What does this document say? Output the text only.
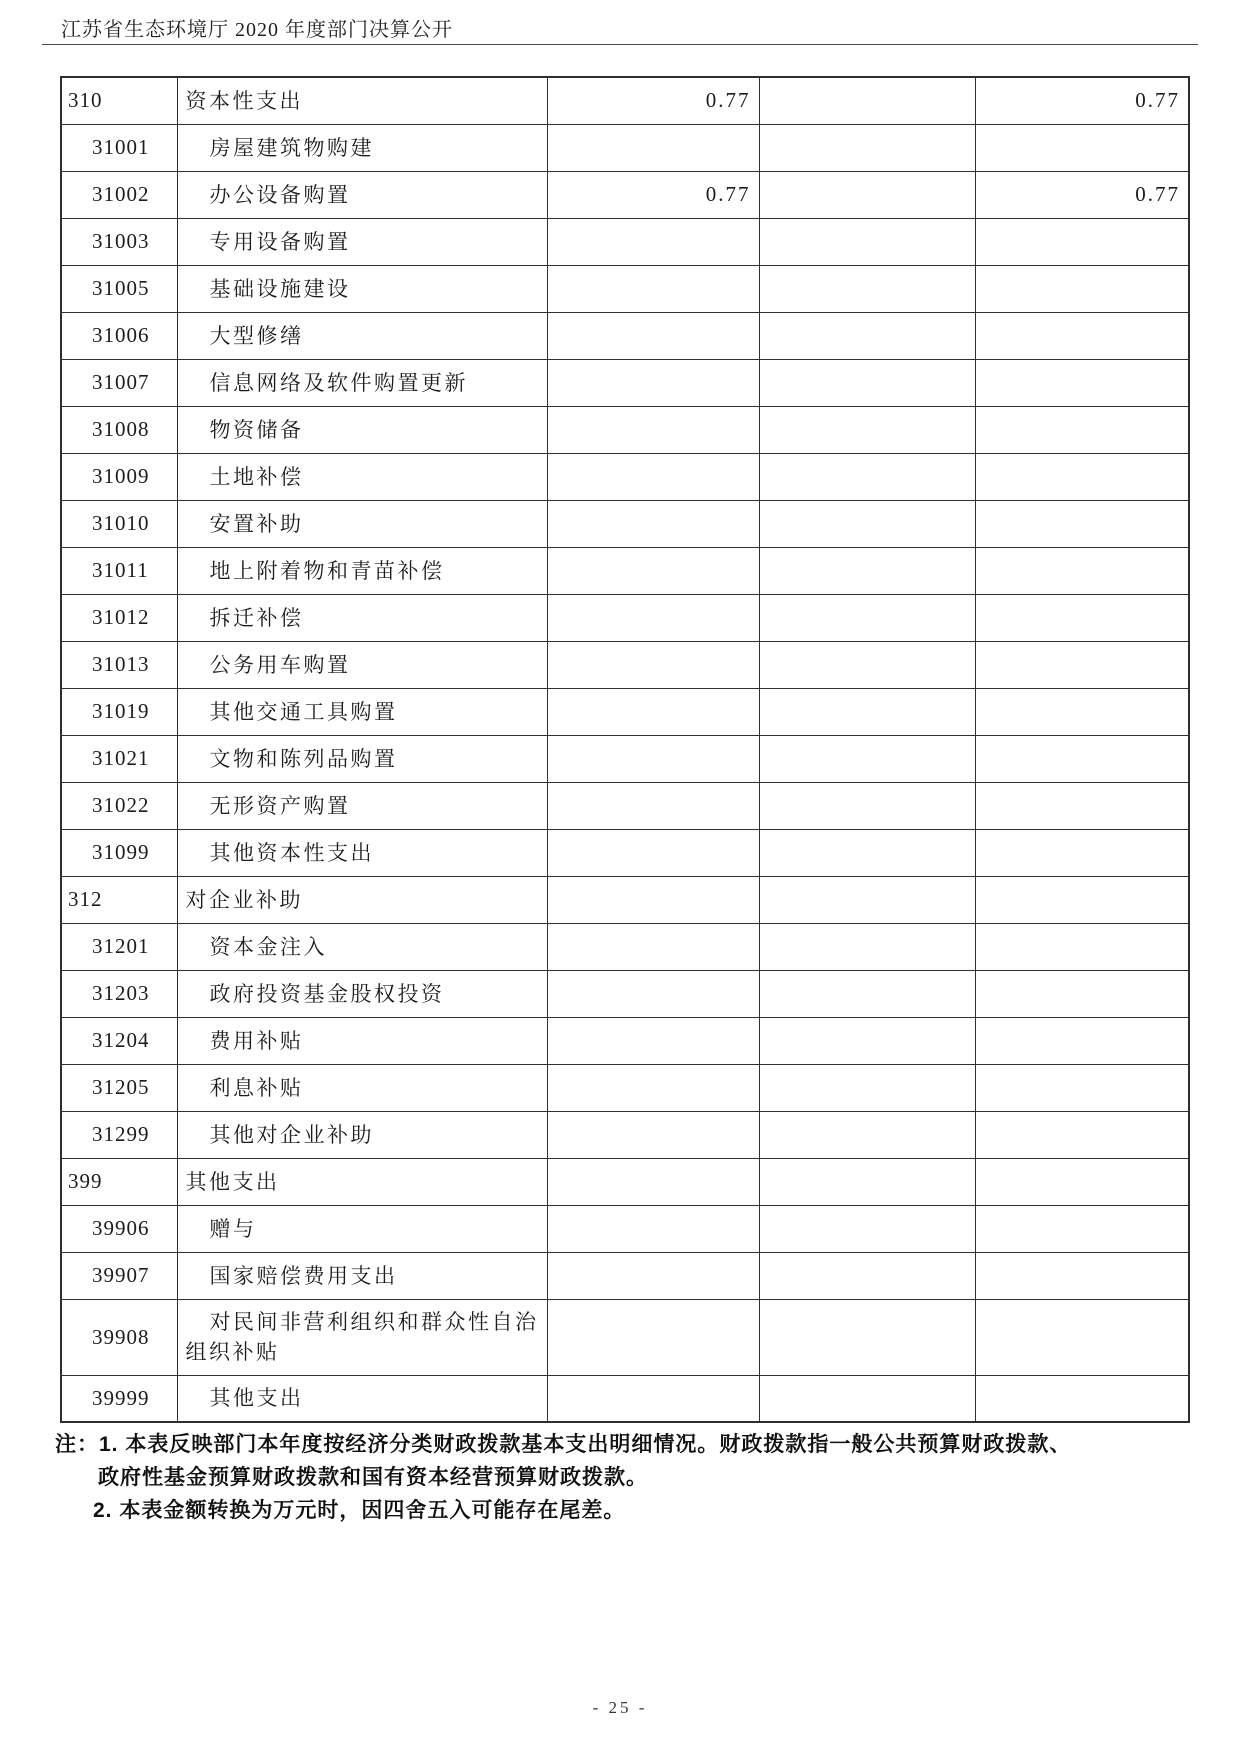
江苏省生态环境厅 2020 年度部门决算公开
310	资本性支出	0.77		0.77
31001	房屋建筑物购建			
31002	办公设备购置	0.77		0.77
31003	专用设备购置			
31005	基础设施建设			
31006	大型修缮			
31007	信息网络及软件购置更新			
31008	物资储备			
31009	土地补偿			
31010	安置补助			
31011	地上附着物和青苗补偿			
31012	拆迁补偿			
31013	公务用车购置			
31019	其他交通工具购置			
31021	文物和陈列品购置			
31022	无形资产购置			
31099	其他资本性支出			
312	对企业补助			
31201	资本金注入			
31203	政府投资基金股权投资			
31204	费用补贴			
31205	利息补贴			
31299	其他对企业补助			
399	其他支出			
39906	赠与			
39907	国家赔偿费用支出			
39908	对民间非营利组织和群众性自治组织补贴			
39999	其他支出			
注：1. 本表反映部门本年度按经济分类财政拨款基本支出明细情况。财政拨款指一般公共预算财政拨款、
政府性基金预算财政拨款和国有资本经营预算财政拨款。
2. 本表金额转换为万元时，因四舍五入可能存在尾差。
- 25 -
